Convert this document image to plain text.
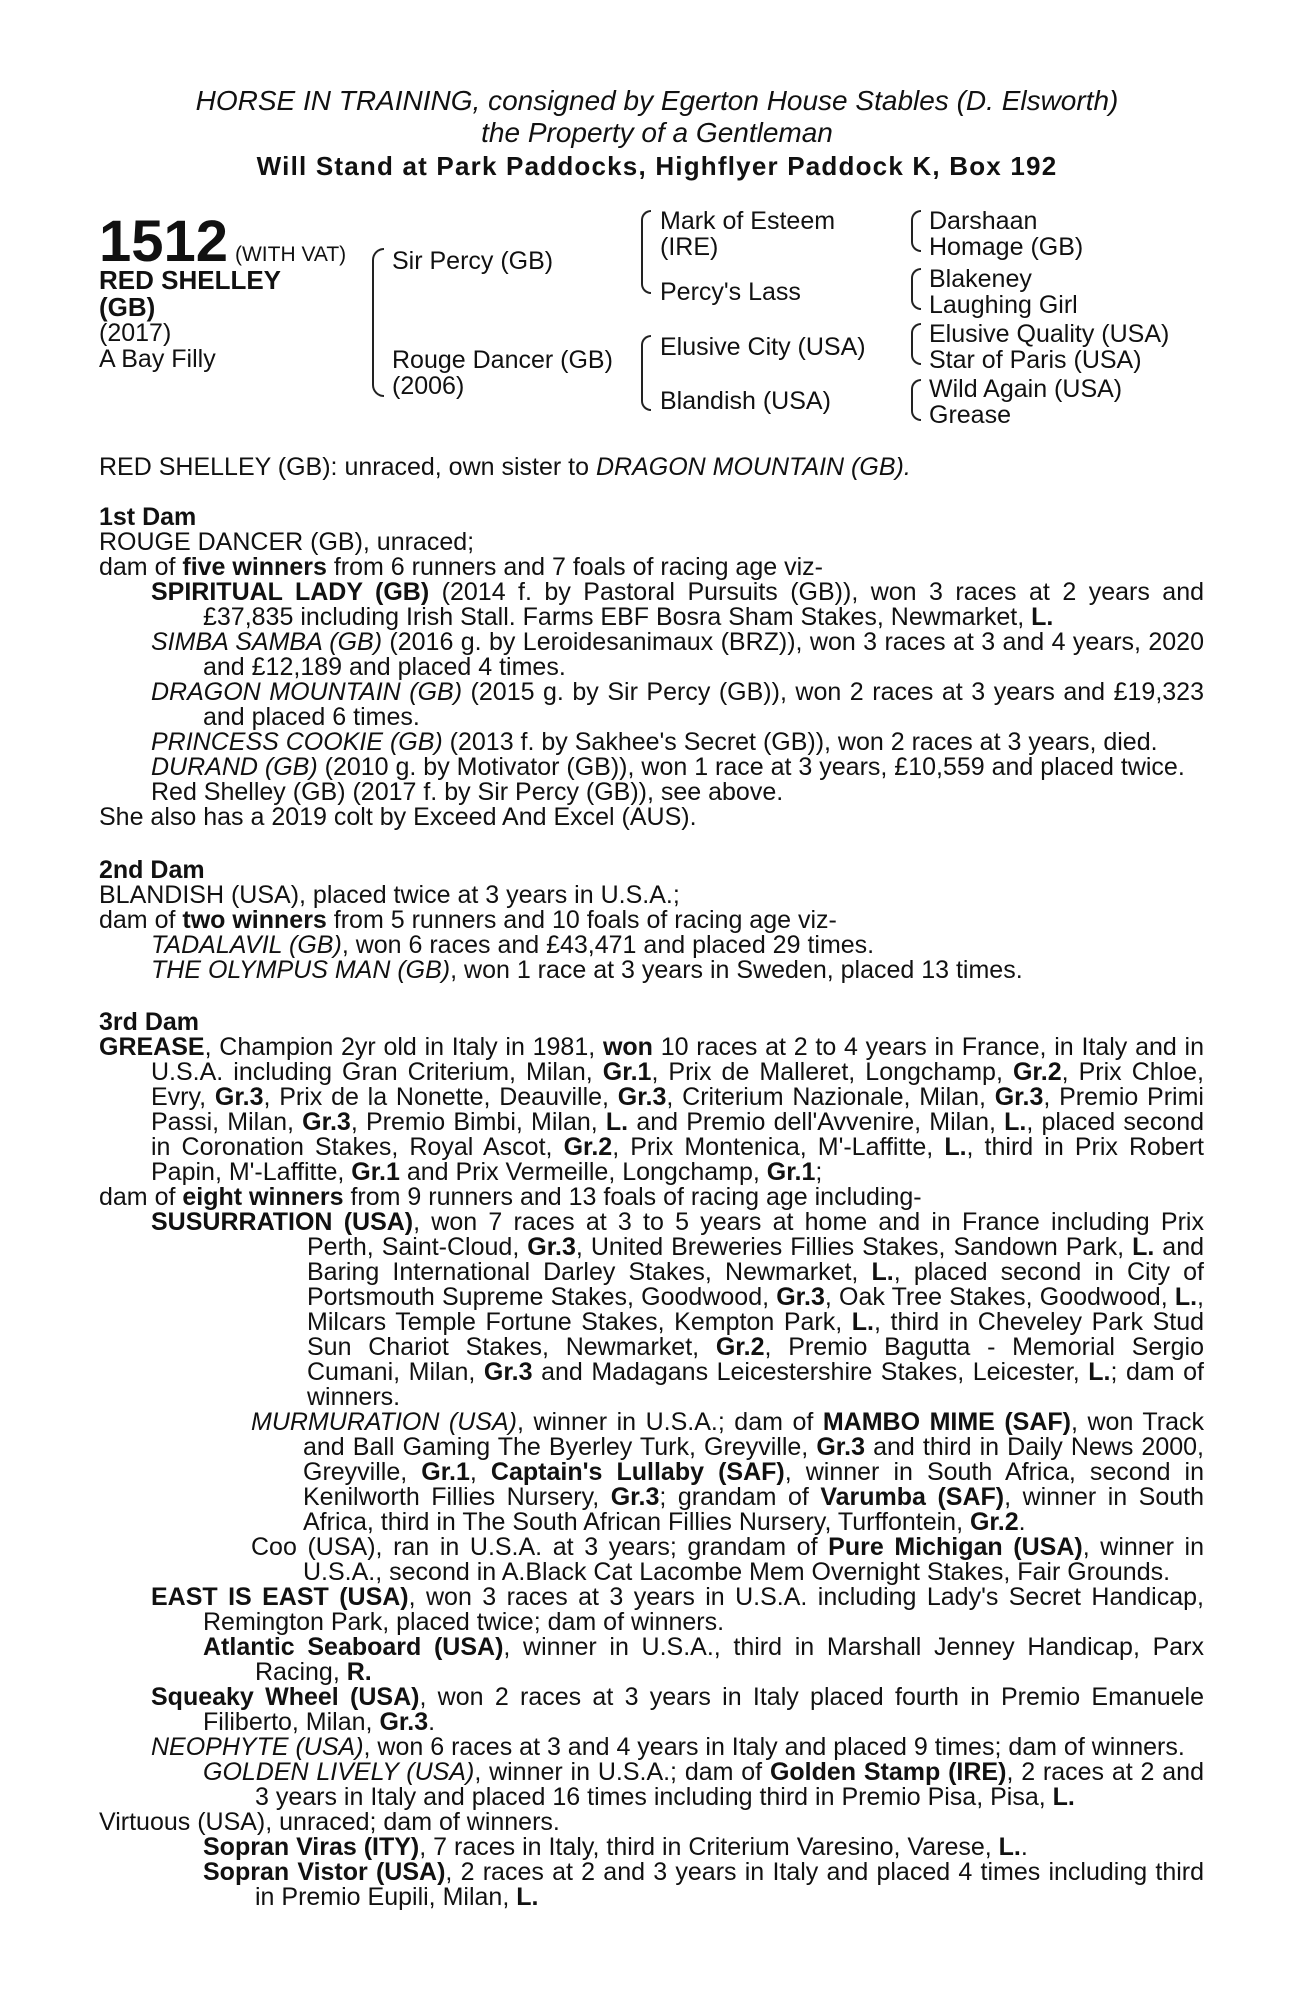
HORSE IN TRAINING, consigned by Egerton House Stables (D. Elsworth)
the Property of a Gentleman
Will Stand at Park Paddocks, Highflyer Paddock K, Box 192
1512 (WITH VAT)
RED SHELLEY
(GB)
(2017)
A Bay Filly
Sir Percy (GB)
Rouge Dancer (GB)
(2006)
Mark of Esteem
(IRE)
Percy's Lass
Elusive City (USA)
Blandish (USA)
Darshaan
Homage (GB)
Blakeney
Laughing Girl
Elusive Quality (USA)
Star of Paris (USA)
Wild Again (USA)
Grease
RED SHELLEY (GB): unraced, own sister to DRAGON MOUNTAIN (GB).
1st Dam
ROUGE DANCER (GB), unraced;
dam of five winners from 6 runners and 7 foals of racing age viz-
SPIRITUAL LADY (GB) (2014 f. by Pastoral Pursuits (GB)), won 3 races at 2 years and £37,835 including Irish Stall. Farms EBF Bosra Sham Stakes, Newmarket, L.
SIMBA SAMBA (GB) (2016 g. by Leroidesanimaux (BRZ)), won 3 races at 3 and 4 years, 2020 and £12,189 and placed 4 times.
DRAGON MOUNTAIN (GB) (2015 g. by Sir Percy (GB)), won 2 races at 3 years and £19,323 and placed 6 times.
PRINCESS COOKIE (GB) (2013 f. by Sakhee's Secret (GB)), won 2 races at 3 years, died.
DURAND (GB) (2010 g. by Motivator (GB)), won 1 race at 3 years, £10,559 and placed twice.
Red Shelley (GB) (2017 f. by Sir Percy (GB)), see above.
She also has a 2019 colt by Exceed And Excel (AUS).
2nd Dam
BLANDISH (USA), placed twice at 3 years in U.S.A.;
dam of two winners from 5 runners and 10 foals of racing age viz-
TADALAVIL (GB), won 6 races and £43,471 and placed 29 times.
THE OLYMPUS MAN (GB), won 1 race at 3 years in Sweden, placed 13 times.
3rd Dam
GREASE, Champion 2yr old in Italy in 1981, won 10 races at 2 to 4 years in France, in Italy and in U.S.A. including Gran Criterium, Milan, Gr.1, Prix de Malleret, Longchamp, Gr.2, Prix Chloe, Evry, Gr.3, Prix de la Nonette, Deauville, Gr.3, Criterium Nazionale, Milan, Gr.3, Premio Primi Passi, Milan, Gr.3, Premio Bimbi, Milan, L. and Premio dell'Avvenire, Milan, L., placed second in Coronation Stakes, Royal Ascot, Gr.2, Prix Montenica, M'-Laffitte, L., third in Prix Robert Papin, M'-Laffitte, Gr.1 and Prix Vermeille, Longchamp, Gr.1;
dam of eight winners from 9 runners and 13 foals of racing age including-
SUSURRATION (USA), won 7 races at 3 to 5 years at home and in France including Prix Perth, Saint-Cloud, Gr.3, United Breweries Fillies Stakes, Sandown Park, L. and Baring International Darley Stakes, Newmarket, L., placed second in City of Portsmouth Supreme Stakes, Goodwood, Gr.3, Oak Tree Stakes, Goodwood, L., Milcars Temple Fortune Stakes, Kempton Park, L., third in Cheveley Park Stud Sun Chariot Stakes, Newmarket, Gr.2, Premio Bagutta - Memorial Sergio Cumani, Milan, Gr.3 and Madagans Leicestershire Stakes, Leicester, L.; dam of winners.
MURMURATION (USA), winner in U.S.A.; dam of MAMBO MIME (SAF), won Track and Ball Gaming The Byerley Turk, Greyville, Gr.3 and third in Daily News 2000, Greyville, Gr.1, Captain's Lullaby (SAF), winner in South Africa, second in Kenilworth Fillies Nursery, Gr.3; grandam of Varumba (SAF), winner in South Africa, third in The South African Fillies Nursery, Turffontein, Gr.2.
Coo (USA), ran in U.S.A. at 3 years; grandam of Pure Michigan (USA), winner in U.S.A., second in A.Black Cat Lacombe Mem Overnight Stakes, Fair Grounds.
EAST IS EAST (USA), won 3 races at 3 years in U.S.A. including Lady's Secret Handicap, Remington Park, placed twice; dam of winners.
Atlantic Seaboard (USA), winner in U.S.A., third in Marshall Jenney Handicap, Parx Racing, R.
Squeaky Wheel (USA), won 2 races at 3 years in Italy placed fourth in Premio Emanuele Filiberto, Milan, Gr.3.
NEOPHYTE (USA), won 6 races at 3 and 4 years in Italy and placed 9 times; dam of winners.
GOLDEN LIVELY (USA), winner in U.S.A.; dam of Golden Stamp (IRE), 2 races at 2 and 3 years in Italy and placed 16 times including third in Premio Pisa, Pisa, L.
Virtuous (USA), unraced; dam of winners.
Sopran Viras (ITY), 7 races in Italy, third in Criterium Varesino, Varese, L..
Sopran Vistor (USA), 2 races at 2 and 3 years in Italy and placed 4 times including third in Premio Eupili, Milan, L.
